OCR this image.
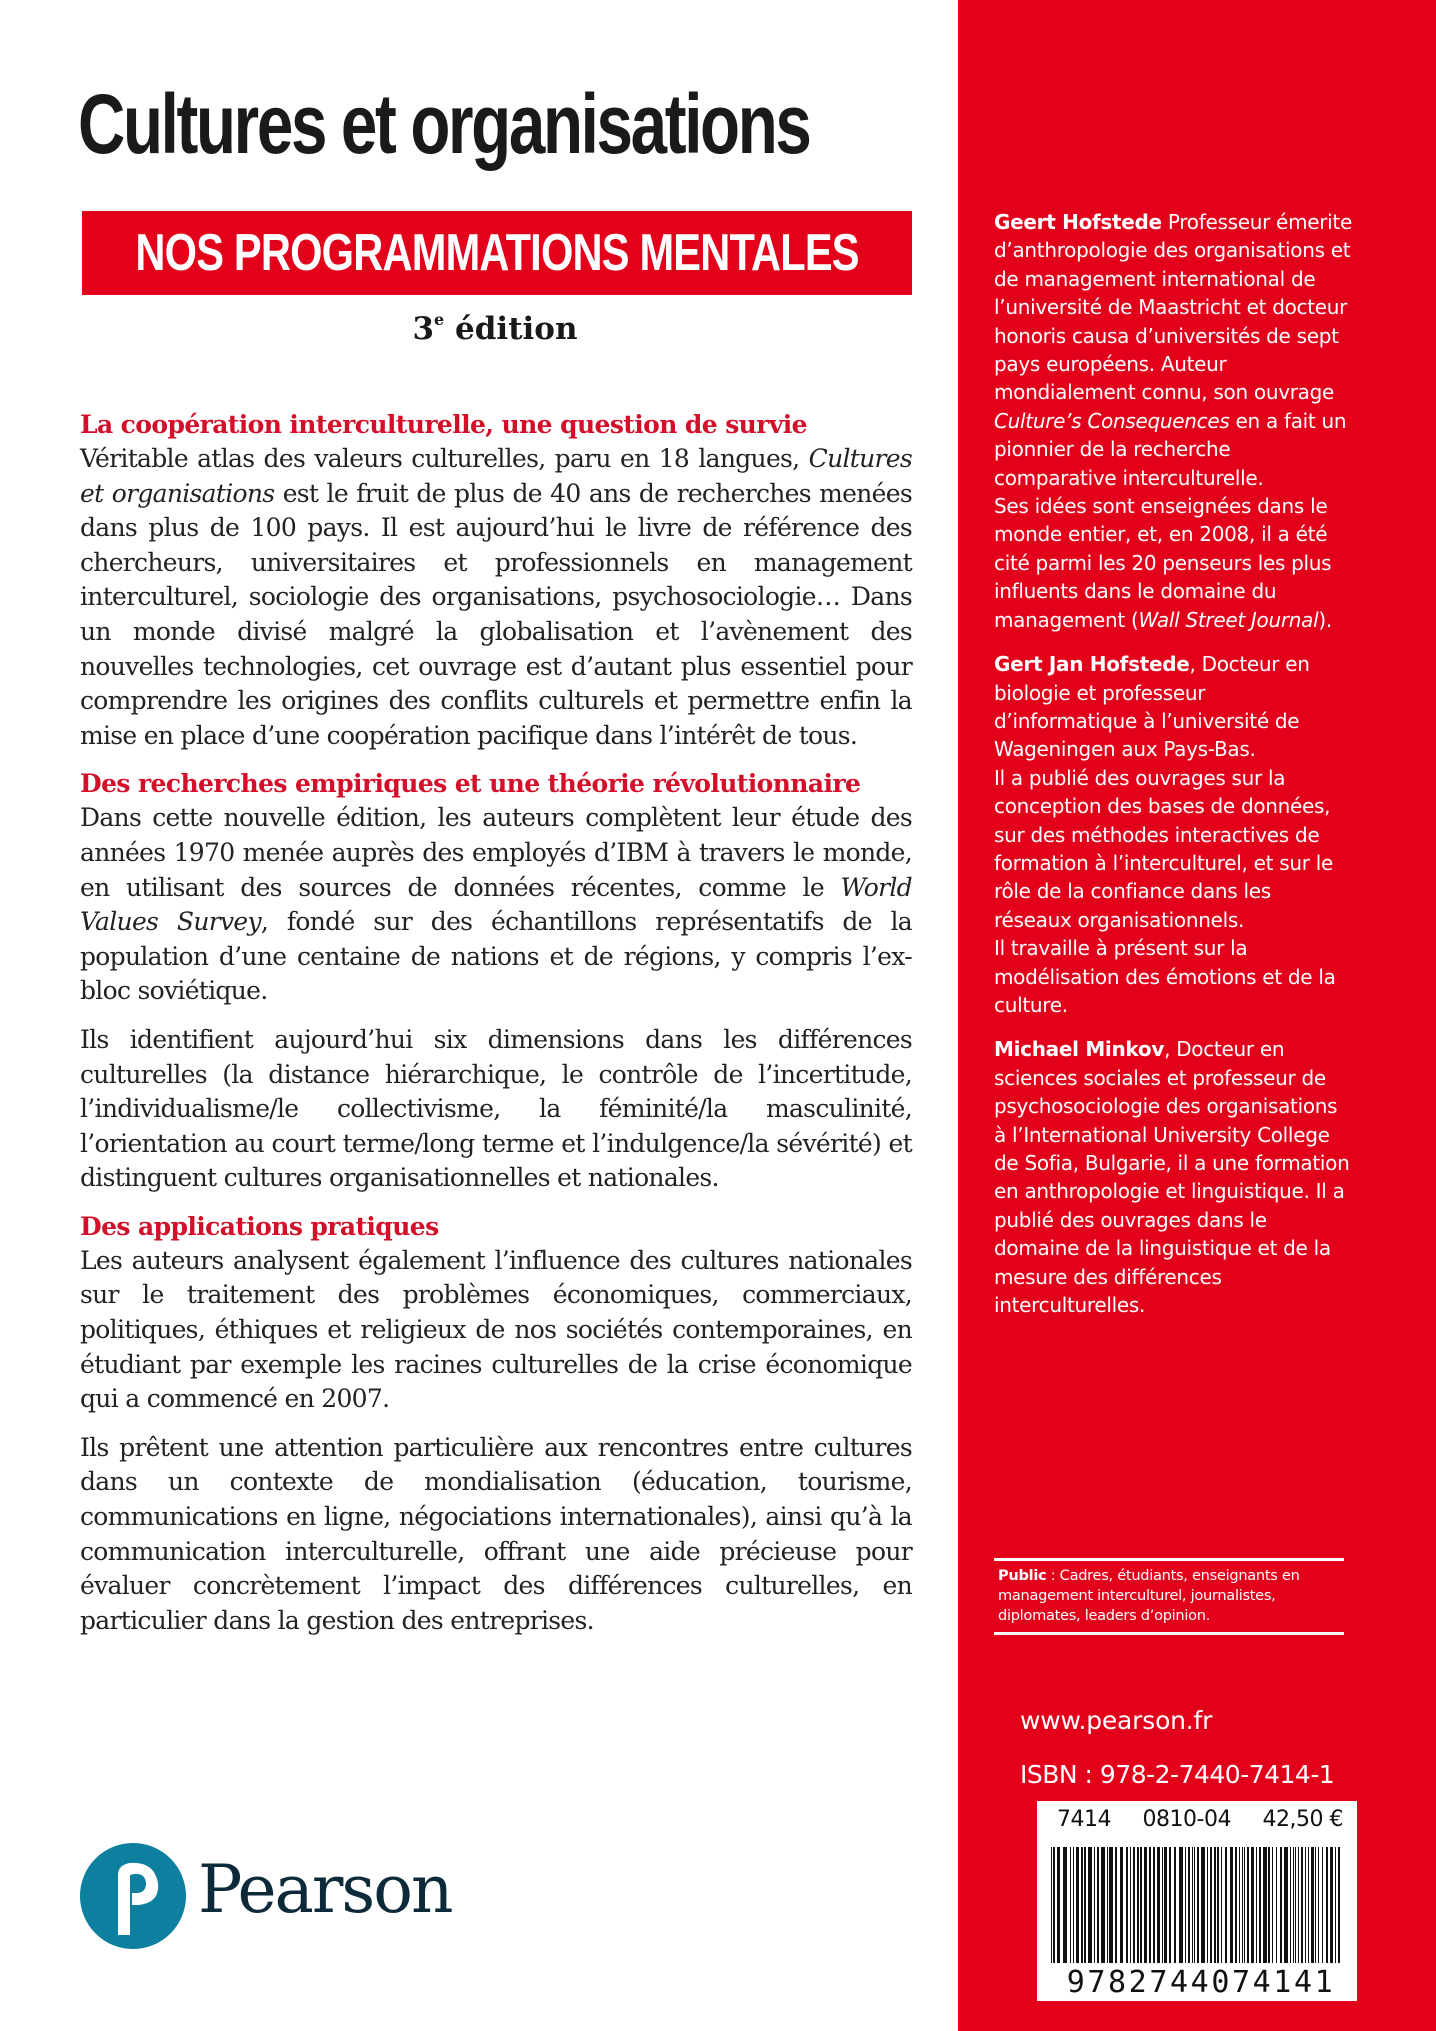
Cultures et organisations
NOS PROGRAMMATIONS MENTALES
3e édition
La coopération interculturelle, une question de survie

Véritable atlas des valeurs culturelles, paru en 18 langues, Cultures et organisations est le fruit de plus de 40 ans de recherches menées dans plus de 100 pays. Il est aujourd’hui le livre de référence des chercheurs, universitaires et professionnels en management interculturel, sociologie des organisations, psychosociologie… Dans un monde divisé malgré la globalisation et l’avènement des nouvelles technologies, cet ouvrage est d’autant plus essentiel pour comprendre les origines des conflits culturels et permettre enfin la mise en place d’une coopération pacifique dans l’intérêt de tous.

Des recherches empiriques et une théorie révolutionnaire

Dans cette nouvelle édition, les auteurs complètent leur étude des années 1970 menée auprès des employés d’IBM à travers le monde, en utilisant des sources de données récentes, comme le World Values Survey, fondé sur des échantillons représentatifs de la population d’une centaine de nations et de régions, y compris l’ex-bloc soviétique.

Ils identifient aujourd’hui six dimensions dans les différences culturelles (la distance hiérarchique, le contrôle de l’incertitude, l’individualisme/le collectivisme, la féminité/la masculinité, l’orientation au court terme/long terme et l’indulgence/la sévérité) et distinguent cultures organisationnelles et nationales.

Des applications pratiques

Les auteurs analysent également l’influence des cultures nationales sur le traitement des problèmes économiques, commerciaux, politiques, éthiques et religieux de nos sociétés contemporaines, en étudiant par exemple les racines culturelles de la crise économique qui a commencé en 2007.

Ils prêtent une attention particulière aux rencontres entre cultures dans un contexte de mondialisation (éducation, tourisme, communications en ligne, négociations internationales), ainsi qu’à la communication interculturelle, offrant une aide précieuse pour évaluer concrètement l’impact des différences culturelles, en particulier dans la gestion des entreprises.

Pearson

Geert Hofstede Professeur émerite d’anthropologie des organisations et de management international de l’université de Maastricht et docteur honoris causa d’universités de sept pays européens. Auteur mondialement connu, son ouvrage Culture’s Consequences en a fait un pionnier de la recherche comparative interculturelle.
Ses idées sont enseignées dans le monde entier, et, en 2008, il a été cité parmi les 20 penseurs les plus influents dans le domaine du management (Wall Street Journal).

Gert Jan Hofstede, Docteur en biologie et professeur d’informatique à l’université de Wageningen aux Pays-Bas.
Il a publié des ouvrages sur la conception des bases de données, sur des méthodes interactives de formation à l’interculturel, et sur le rôle de la confiance dans les réseaux organisationnels.
Il travaille à présent sur la modélisation des émotions et de la culture.

Michael Minkov, Docteur en sciences sociales et professeur de psychosociologie des organisations à l’International University College de Sofia, Bulgarie, il a une formation en anthropologie et linguistique. Il a publié des ouvrages dans le domaine de la linguistique et de la mesure des différences interculturelles.

Public : Cadres, étudiants, enseignants en management interculturel, journalistes, diplomates, leaders d’opinion.
www.pearson.fr
ISBN : 978-2-7440-7414-1
7414 0810-04 42,50 €
9782744074141
